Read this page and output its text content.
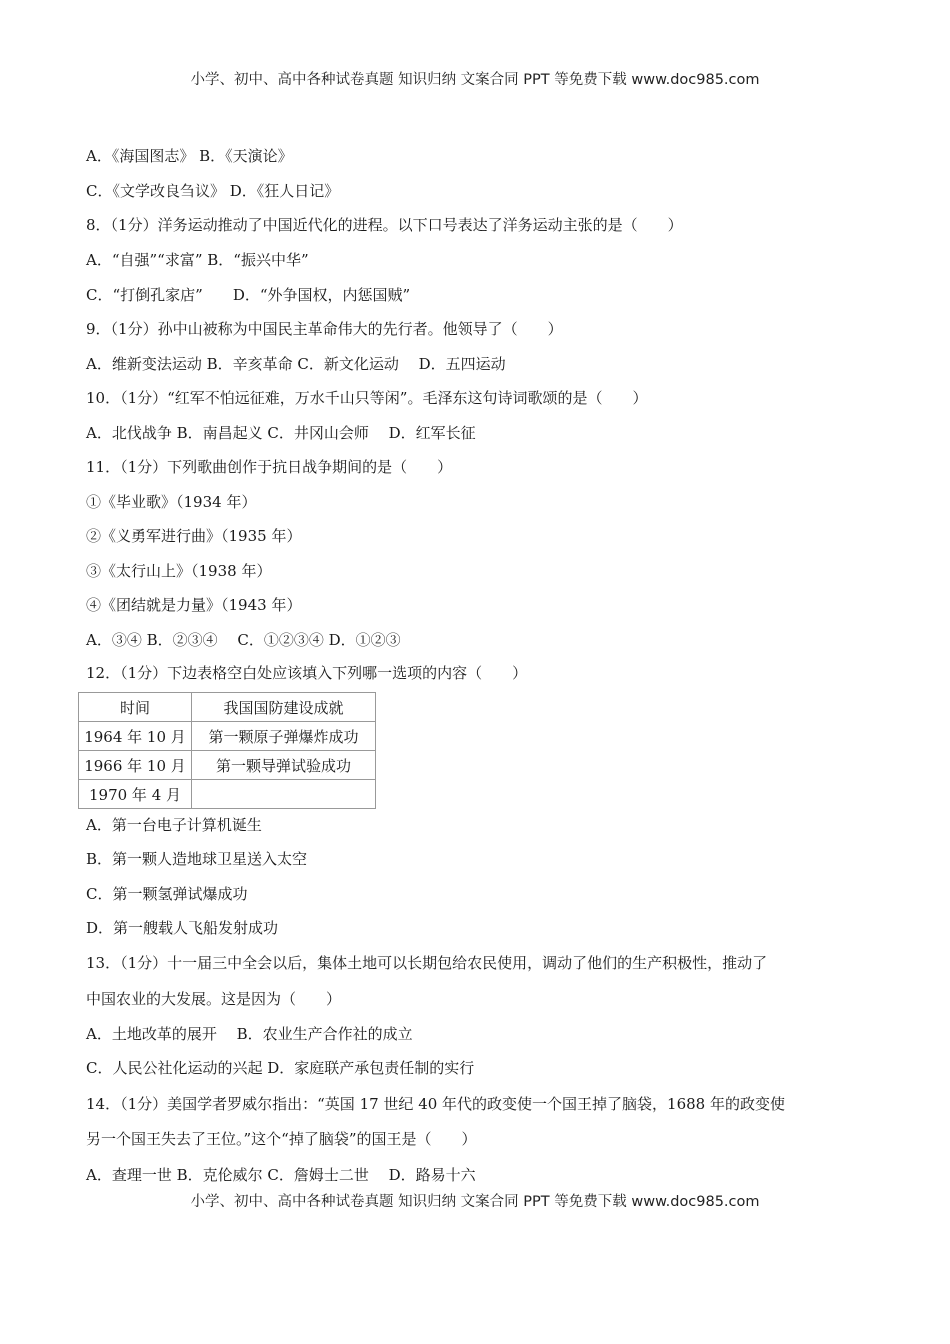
小学、初中、高中各种试卷真题 知识归纳 文案合同 PPT 等免费下载 www.doc985.com
A．《海国图志》 B．《天演论》
C．《文学改良刍议》 D．《狂人日记》
8．（1分）洋务运动推动了中国近代化的进程。以下口号表达了洋务运动主张的是（　　）
A．“自强”“求富” B．“振兴中华”
C．“打倒孔家店”　　D．“外争国权，内惩国贼”
9．（1分）孙中山被称为中国民主革命伟大的先行者。他领导了（　　）
A．维新变法运动 B．辛亥革命 C．新文化运动　 D．五四运动
10．（1分）“红军不怕远征难，万水千山只等闲”。毛泽东这句诗词歌颂的是（　　）
A．北伐战争 B．南昌起义 C．井冈山会师　 D．红军长征
11．（1分）下列歌曲创作于抗日战争期间的是（　　）
①《毕业歌》（1934 年）
②《义勇军进行曲》（1935 年）
③《太行山上》（1938 年）
④《团结就是力量》（1943 年）
A．③④ B．②③④　 C．①②③④ D．①②③
12．（1分）下边表格空白处应该填入下列哪一选项的内容（　　）
时间	我国国防建设成就
1964 年 10 月	第一颗原子弹爆炸成功
1966 年 10 月	第一颗导弹试验成功
1970 年 4 月	
A．第一台电子计算机诞生
B．第一颗人造地球卫星送入太空
C．第一颗氢弹试爆成功
D．第一艘载人飞船发射成功
13．（1分）十一届三中全会以后，集体土地可以长期包给农民使用，调动了他们的生产积极性，推动了
中国农业的大发展。这是因为（　　）
A．土地改革的展开　 B．农业生产合作社的成立
C．人民公社化运动的兴起 D．家庭联产承包责任制的实行
14．（1分）美国学者罗威尔指出：“英国 17 世纪 40 年代的政变使一个国王掉了脑袋，1688 年的政变使
另一个国王失去了王位。”这个“掉了脑袋”的国王是（　　）
A．查理一世 B．克伦威尔 C．詹姆士二世　 D．路易十六
小学、初中、高中各种试卷真题 知识归纳 文案合同 PPT 等免费下载 www.doc985.com
